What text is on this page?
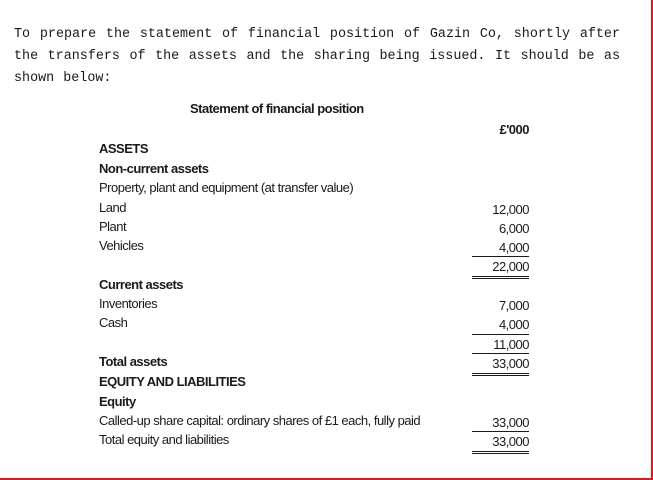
To prepare the statement of financial position of Gazin Co, shortly after
the transfers of the assets and the sharing being issued. It should be as
shown below:
Statement of financial position
£'000
ASSETS
Non-current assets
Property, plant and equipment (at transfer value)
Land	12,000
Plant	6,000
Vehicles	4,000
22,000
Current assets
Inventories	7,000
Cash	4,000
11,000
Total assets	33,000
EQUITY AND LIABILITIES
Equity
Called-up share capital: ordinary shares of £1 each, fully paid	33,000
Total equity and liabilities	33,000
